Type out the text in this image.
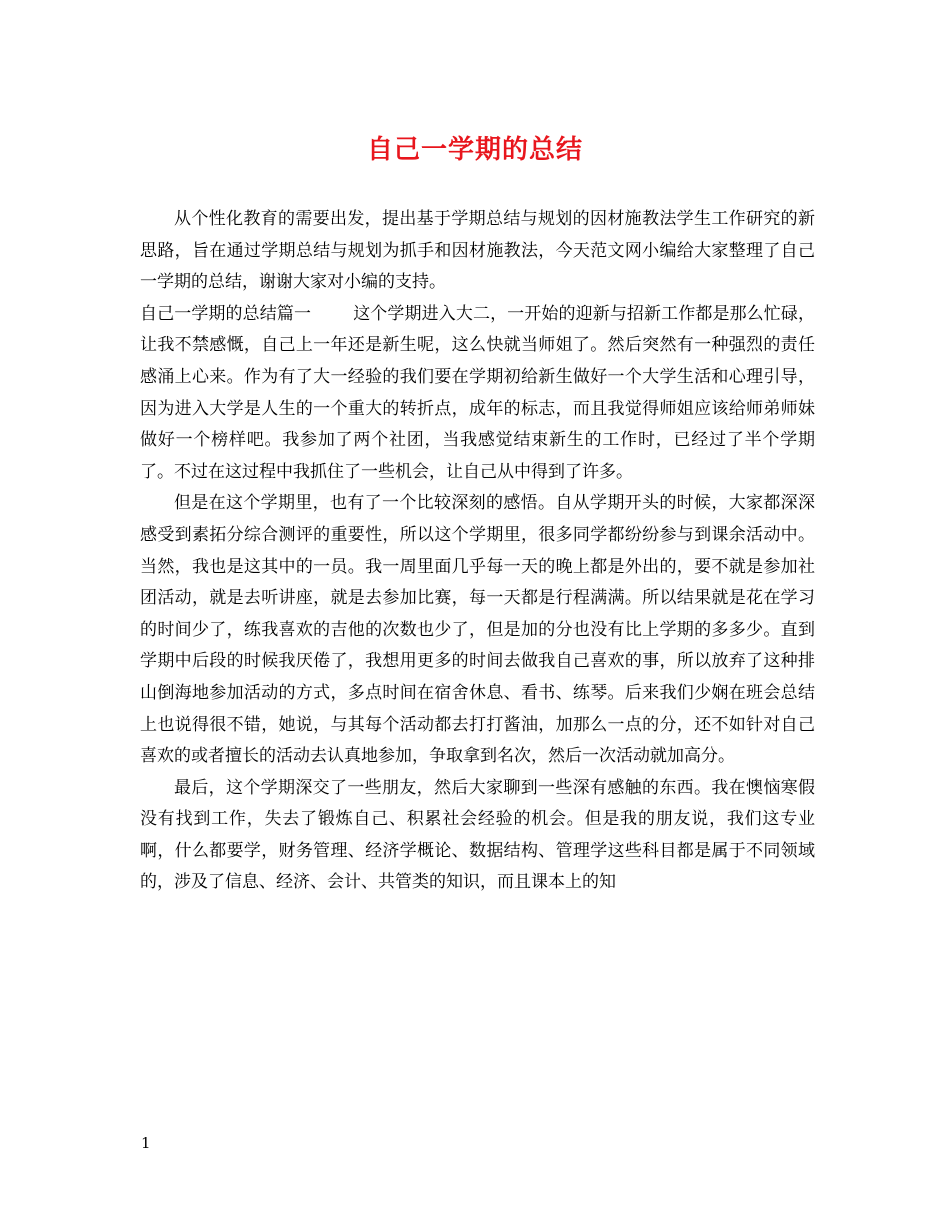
自己一学期的总结

从个性化教育的需要出发，提出基于学期总结与规划的因材施教法学生工作研究的新思路，旨在通过学期总结与规划为抓手和因材施教法，今天范文网小编给大家整理了自己一学期的总结，谢谢大家对小编的支持。

自己一学期的总结篇一 这个学期进入大二，一开始的迎新与招新工作都是那么忙碌，让我不禁感慨，自己上一年还是新生呢，这么快就当师姐了。然后突然有一种强烈的责任感涌上心来。作为有了大一经验的我们要在学期初给新生做好一个大学生活和心理引导，因为进入大学是人生的一个重大的转折点，成年的标志，而且我觉得师姐应该给师弟师妹做好一个榜样吧。我参加了两个社团，当我感觉结束新生的工作时，已经过了半个学期了。不过在这过程中我抓住了一些机会，让自己从中得到了许多。

但是在这个学期里，也有了一个比较深刻的感悟。自从学期开头的时候，大家都深深感受到素拓分综合测评的重要性，所以这个学期里，很多同学都纷纷参与到课余活动中。当然，我也是这其中的一员。我一周里面几乎每一天的晚上都是外出的，要不就是参加社团活动，就是去听讲座，就是去参加比赛，每一天都是行程满满。所以结果就是花在学习的时间少了，练我喜欢的吉他的次数也少了，但是加的分也没有比上学期的多多少。直到学期中后段的时候我厌倦了，我想用更多的时间去做我自己喜欢的事，所以放弃了这种排山倒海地参加活动的方式，多点时间在宿舍休息、看书、练琴。后来我们少娴在班会总结上也说得很不错，她说，与其每个活动都去打打酱油，加那么一点的分，还不如针对自己喜欢的或者擅长的活动去认真地参加，争取拿到名次，然后一次活动就加高分。

最后，这个学期深交了一些朋友，然后大家聊到一些深有感触的东西。我在懊恼寒假没有找到工作，失去了锻炼自己、积累社会经验的机会。但是我的朋友说，我们这专业啊，什么都要学，财务管理、经济学概论、数据结构、管理学这些科目都是属于不同领域的，涉及了信息、经济、会计、共管类的知识，而且课本上的知

1
